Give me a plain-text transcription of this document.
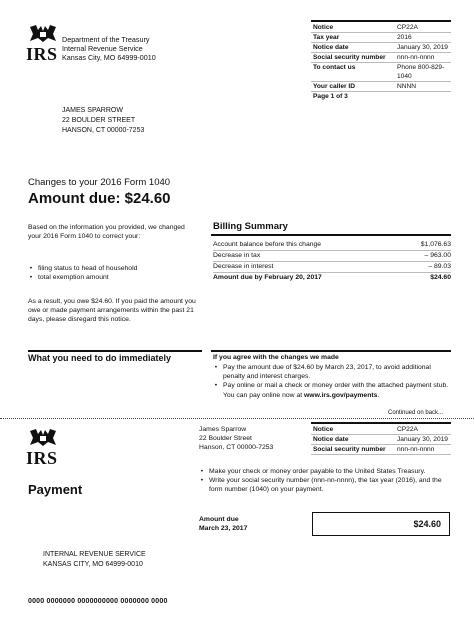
IRS
Department of the Treasury
Internal Revenue Service
Kansas City, MO 64999-0010
Notice	CP22A
Tax year	2016
Notice date	January 30, 2019
Social security number	nnn-nn-nnnn
To contact us	Phone 800-829-1040
Your caller ID	NNNN
Page 1 of 3
JAMES SPARROW
22 BOULDER STREET
HANSON, CT 00000-7253
Changes to your 2016 Form 1040
Amount due: $24.60
Based on the information you provided, we changed your 2016 Form 1040 to correct your:
• filing status to head of household
• total exemption amount
As a result, you owe $24.60. If you paid the amount you owe or made payment arrangements within the past 21 days, please disregard this notice.
Billing Summary
Account balance before this change	$1,076.63
Decrease in tax	– 963.00
Decrease in interest	– 89.03
Amount due by February 20, 2017	$24.60
What you need to do immediately	If you agree with the changes we made
• Pay the amount due of $24.60 by March 23, 2017, to avoid additional penalty and interest charges.
• Pay online or mail a check or money order with the attached payment stub. You can pay online now at www.irs.gov/payments.
Continued on back...
IRS
James Sparrow
22 Boulder Street
Hanson, CT 00000-7253
Notice	CP22A
Notice date	January 30, 2019
Social security number	nnn-nn-nnnn
Payment
• Make your check or money order payable to the United States Treasury.
• Write your social security number (nnn-nn-nnnn), the tax year (2016), and the form number (1040) on your payment.
Amount due
March 23, 2017	$24.60
INTERNAL REVENUE SERVICE
KANSAS CITY, MO 64999-0010
0000 0000000 0000000000 0000000 0000
